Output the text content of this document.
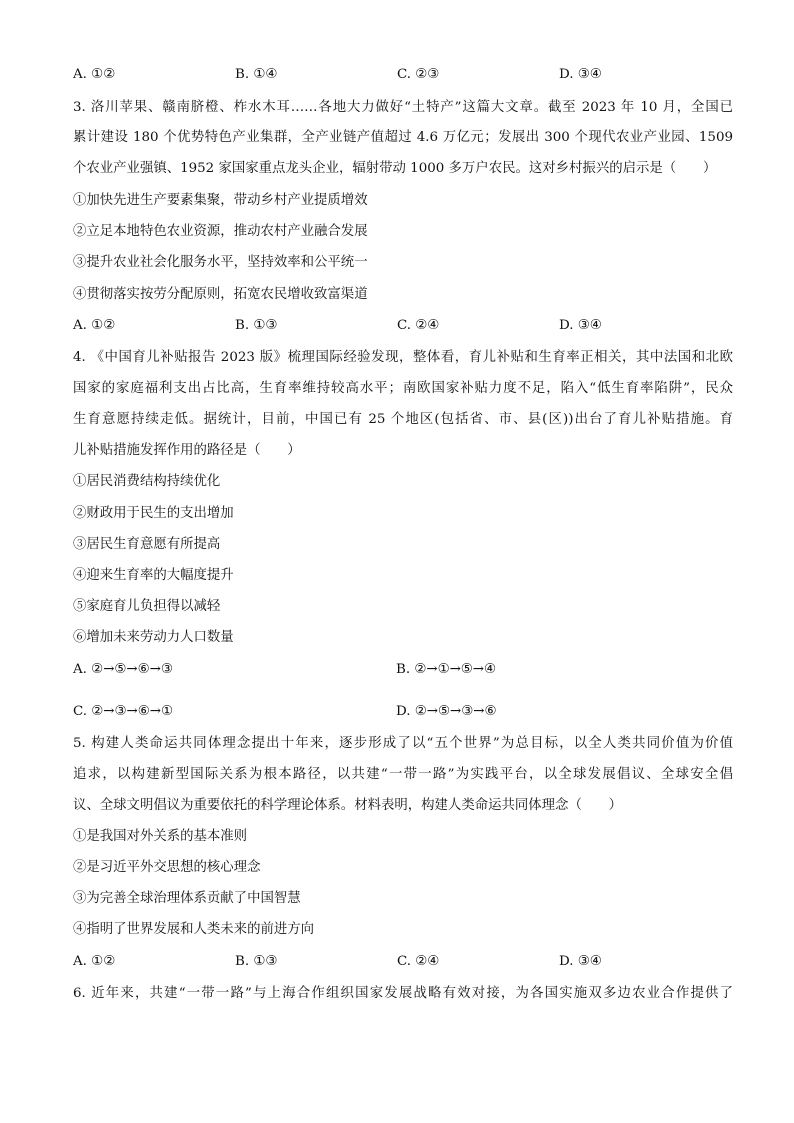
A. ①②	B. ①④	C. ②③	D. ③④
3. 洛川苹果、赣南脐橙、柞水木耳……各地大力做好“土特产”这篇大文章。截至 2023 年 10 月，全国已
累计建设 180 个优势特色产业集群，全产业链产值超过 4.6 万亿元；发展出 300 个现代农业产业园、1509
个农业产业强镇、1952 家国家重点龙头企业，辐射带动 1000 多万户农民。这对乡村振兴的启示是（　　）
①加快先进生产要素集聚，带动乡村产业提质增效
②立足本地特色农业资源，推动农村产业融合发展
③提升农业社会化服务水平，坚持效率和公平统一
④贯彻落实按劳分配原则，拓宽农民增收致富渠道
A. ①②	B. ①③	C. ②④	D. ③④
4. 《中国育儿补贴报告 2023 版》梳理国际经验发现，整体看，育儿补贴和生育率正相关，其中法国和北欧
国家的家庭福利支出占比高，生育率维持较高水平；南欧国家补贴力度不足，陷入“低生育率陷阱”，民众
生育意愿持续走低。据统计，目前，中国已有 25 个地区(包括省、市、县(区))出台了育儿补贴措施。育
儿补贴措施发挥作用的路径是（　　）
①居民消费结构持续优化
②财政用于民生的支出增加
③居民生育意愿有所提高
④迎来生育率的大幅度提升
⑤家庭育儿负担得以减轻
⑥增加未来劳动力人口数量
A. ②→⑤→⑥→③	B. ②→①→⑤→④
C. ②→③→⑥→①	D. ②→⑤→③→⑥
5. 构建人类命运共同体理念提出十年来，逐步形成了以“五个世界”为总目标，以全人类共同价值为价值
追求，以构建新型国际关系为根本路径，以共建“一带一路”为实践平台，以全球发展倡议、全球安全倡
议、全球文明倡议为重要依托的科学理论体系。材料表明，构建人类命运共同体理念（　　）
①是我国对外关系的基本准则
②是习近平外交思想的核心理念
③为完善全球治理体系贡献了中国智慧
④指明了世界发展和人类未来的前进方向
A. ①②	B. ①③	C. ②④	D. ③④
6. 近年来，共建“一带一路”与上海合作组织国家发展战略有效对接，为各国实施双多边农业合作提供了
